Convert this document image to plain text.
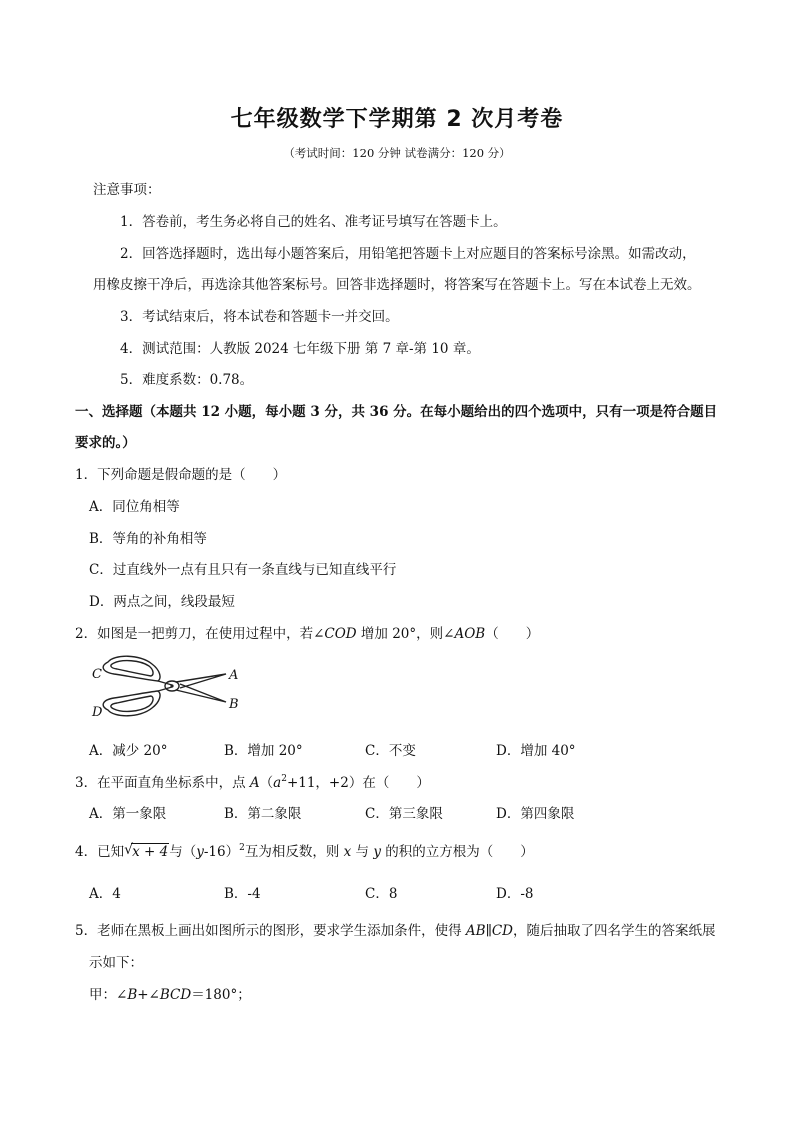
七年级数学下学期第 2 次月考卷
（考试时间：120 分钟 试卷满分：120 分）
注意事项：
1．答卷前，考生务必将自己的姓名、准考证号填写在答题卡上。
2．回答选择题时，选出每小题答案后，用铅笔把答题卡上对应题目的答案标号涂黑。如需改动，
用橡皮擦干净后，再选涂其他答案标号。回答非选择题时，将答案写在答题卡上。写在本试卷上无效。
3．考试结束后，将本试卷和答题卡一并交回。
4．测试范围：人教版 2024 七年级下册 第 7 章-第 10 章。
5．难度系数：0.78。
一、选择题（本题共 12 小题，每小题 3 分，共 36 分。在每小题给出的四个选项中，只有一项是符合题目
要求的。）
1．下列命题是假命题的是（　　）
A．同位角相等
B．等角的补角相等
C．过直线外一点有且只有一条直线与已知直线平行
D．两点之间，线段最短
2．如图是一把剪刀，在使用过程中，若∠COD 增加 20°，则∠AOB（　　）
C
D
A
B
A．减少 20°	B．增加 20°	C．不变	D．增加 40°
3．在平面直角坐标系中，点 $A(a^2+11$，+2）在（　　）
A．第一象限	B．第二象限	C．第三象限	D．第四象限
4．已知 √ x + 4与$(y-16)^2$互为相反数，则 x 与 y 的积的立方根为（　　）
A．4	B．-4	C．8	D．-8
5．老师在黑板上画出如图所示的图形，要求学生添加条件，使得 AB∥CD，随后抽取了四名学生的答案纸展
示如下：
甲：∠B+∠BCD＝180°；
